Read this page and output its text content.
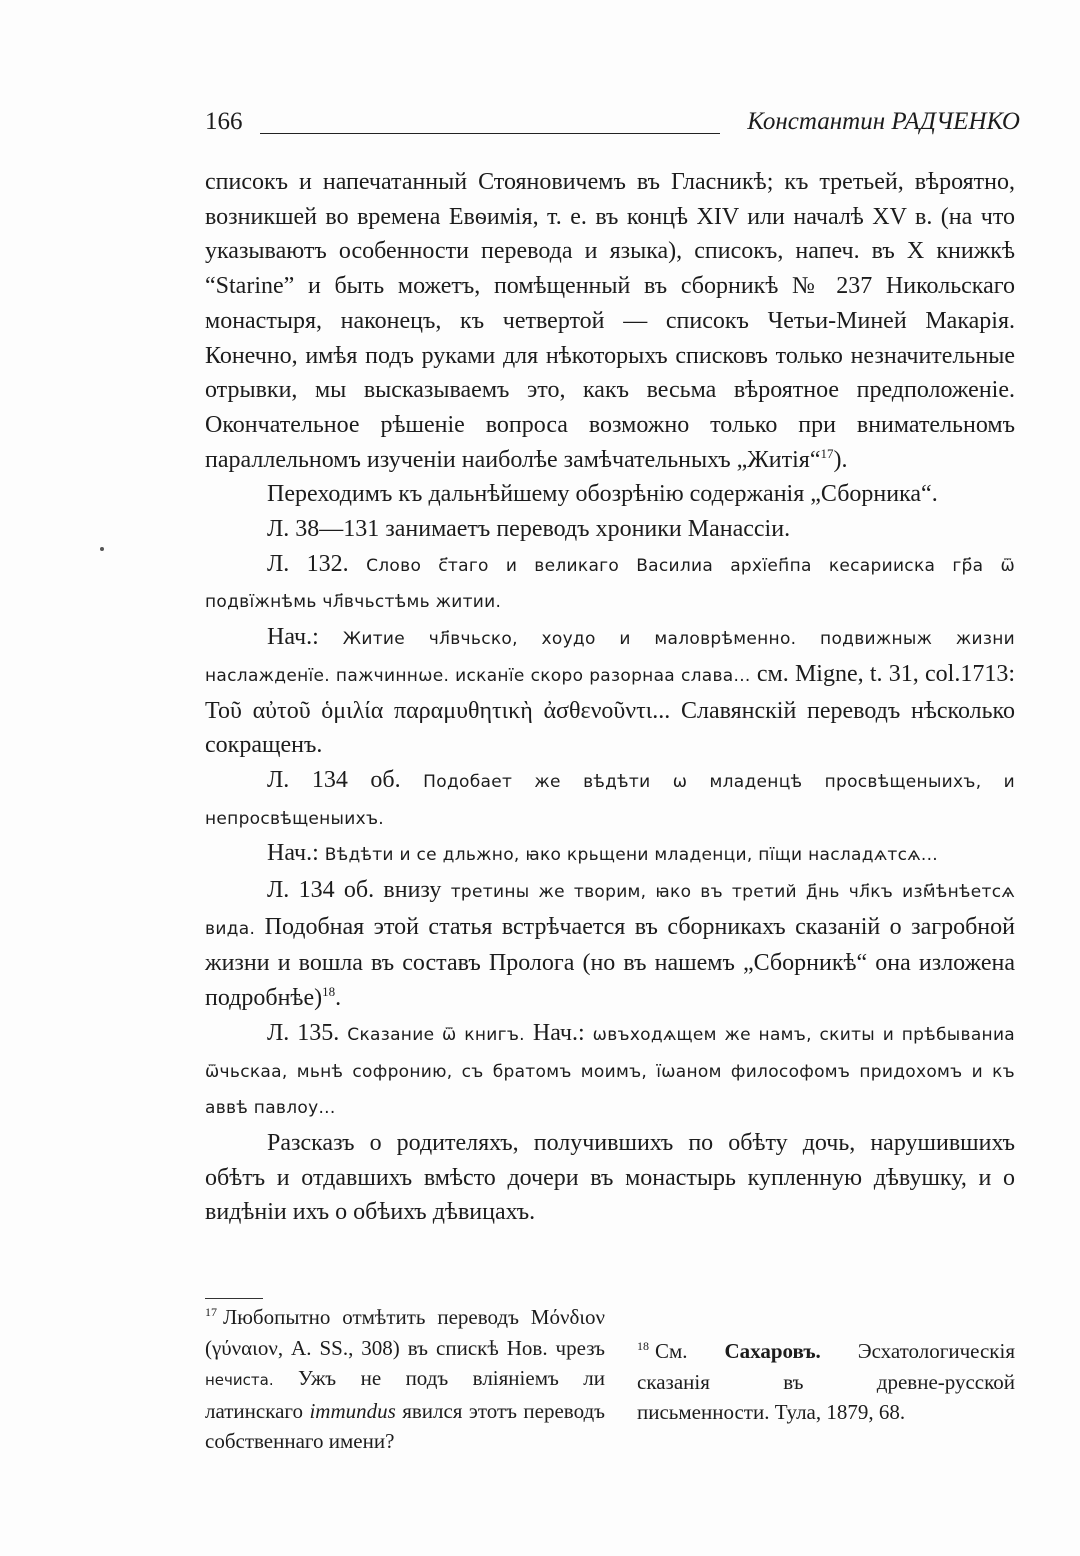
166	Константин РАДЧЕНКО

списокъ и напечатанный Стояновичемъ въ Гласникѣ; къ третьей, вѣроятно, возникшей во времена Евѳимія, т. е. въ концѣ XIV или началѣ XV в. (на что указываютъ особенности перевода и языка), списокъ, напеч. въ X книжкѣ “Starine” и быть можетъ, помѣщенный въ сборникѣ № 237 Никольскаго монастыря, наконецъ, къ четвертой — списокъ Четьи-Миней Макарія. Конечно, имѣя подъ руками для нѣкоторыхъ списковъ только незначительные отрывки, мы высказываемъ это, какъ весьма вѣроятное предположеніе. Окончательное рѣшеніе вопроса возможно только при внимательномъ параллельномъ изученіи наиболѣе замѣчательныхъ „Житія“$^{17}$).

Переходимъ къ дальнѣйшему обозрѣнію содержанія „Сборника“.

Л. 38—131 занимаетъ переводъ хроники Манассіи.

Л. 132. Слово с҃таго и великаго Василиа архїеп҃па кесарииска гр҃а ѿ подвїжнѣмь чл҃вчьстѣмь житии.

Нач.: Житие чл҃вчьско, хоудо и маловрѣменно. подвижныж жизни наслажденїе. пажчиннѡе. исканїе скоро разорнаа слава... см. Migne, t. 31, col.1713: Τοῦ αὐτοῦ ὁμιλία παραμυθητικὴ ἀσθενοῦντι... Славянскій переводъ нѣсколько сокращенъ.

Л. 134 об. Подобает же вѣдѣти ѡ младенцѣ просвѣщеныихъ, и непросвѣщеныихъ.

Нач.: Вѣдѣти и се дльжно, ꙗко крьщени младенци, пїщи насладѧтсѧ...

Л. 134 об. внизу третины же творим, ꙗко въ третий д҃нь чл҃къ изм҃ѣнѣетсѧ вида. Подобная этой статья встрѣчается въ сборникахъ сказаній о загробной жизни и вошла въ составъ Пролога (но въ нашемъ „Сборникѣ“ она изложена подробнѣе)$^{18}$.

Л. 135. Сказание ѿ книгъ. Нач.: ѡвъходѧщем же намъ, скиты и прѣбываниа ѿчьскаа, мьнѣ софронию, съ братомъ моимъ, їѡаном философомъ придохомъ и къ аввѣ павлоу...

Разсказъ о родителяхъ, получившихъ по обѣту дочь, нарушившихъ обѣтъ и отдавшихъ вмѣсто дочери въ монастырь купленную дѣвушку, и о видѣніи ихъ о обѣихъ дѣвицахъ.

$^{17}$ Любопытно отмѣтить переводъ Μόνδιον (γύναιον, A. SS., 308) въ спискѣ Нов. чрезъ нечиста. Ужъ не подъ вліяніемъ ли латинскаго immundus явился этотъ переводъ собственнаго имени?

$^{18}$ См. Сахаровъ. Эсхатологическія сказанія въ древне-русской письменности. Тула, 1879, 68.
